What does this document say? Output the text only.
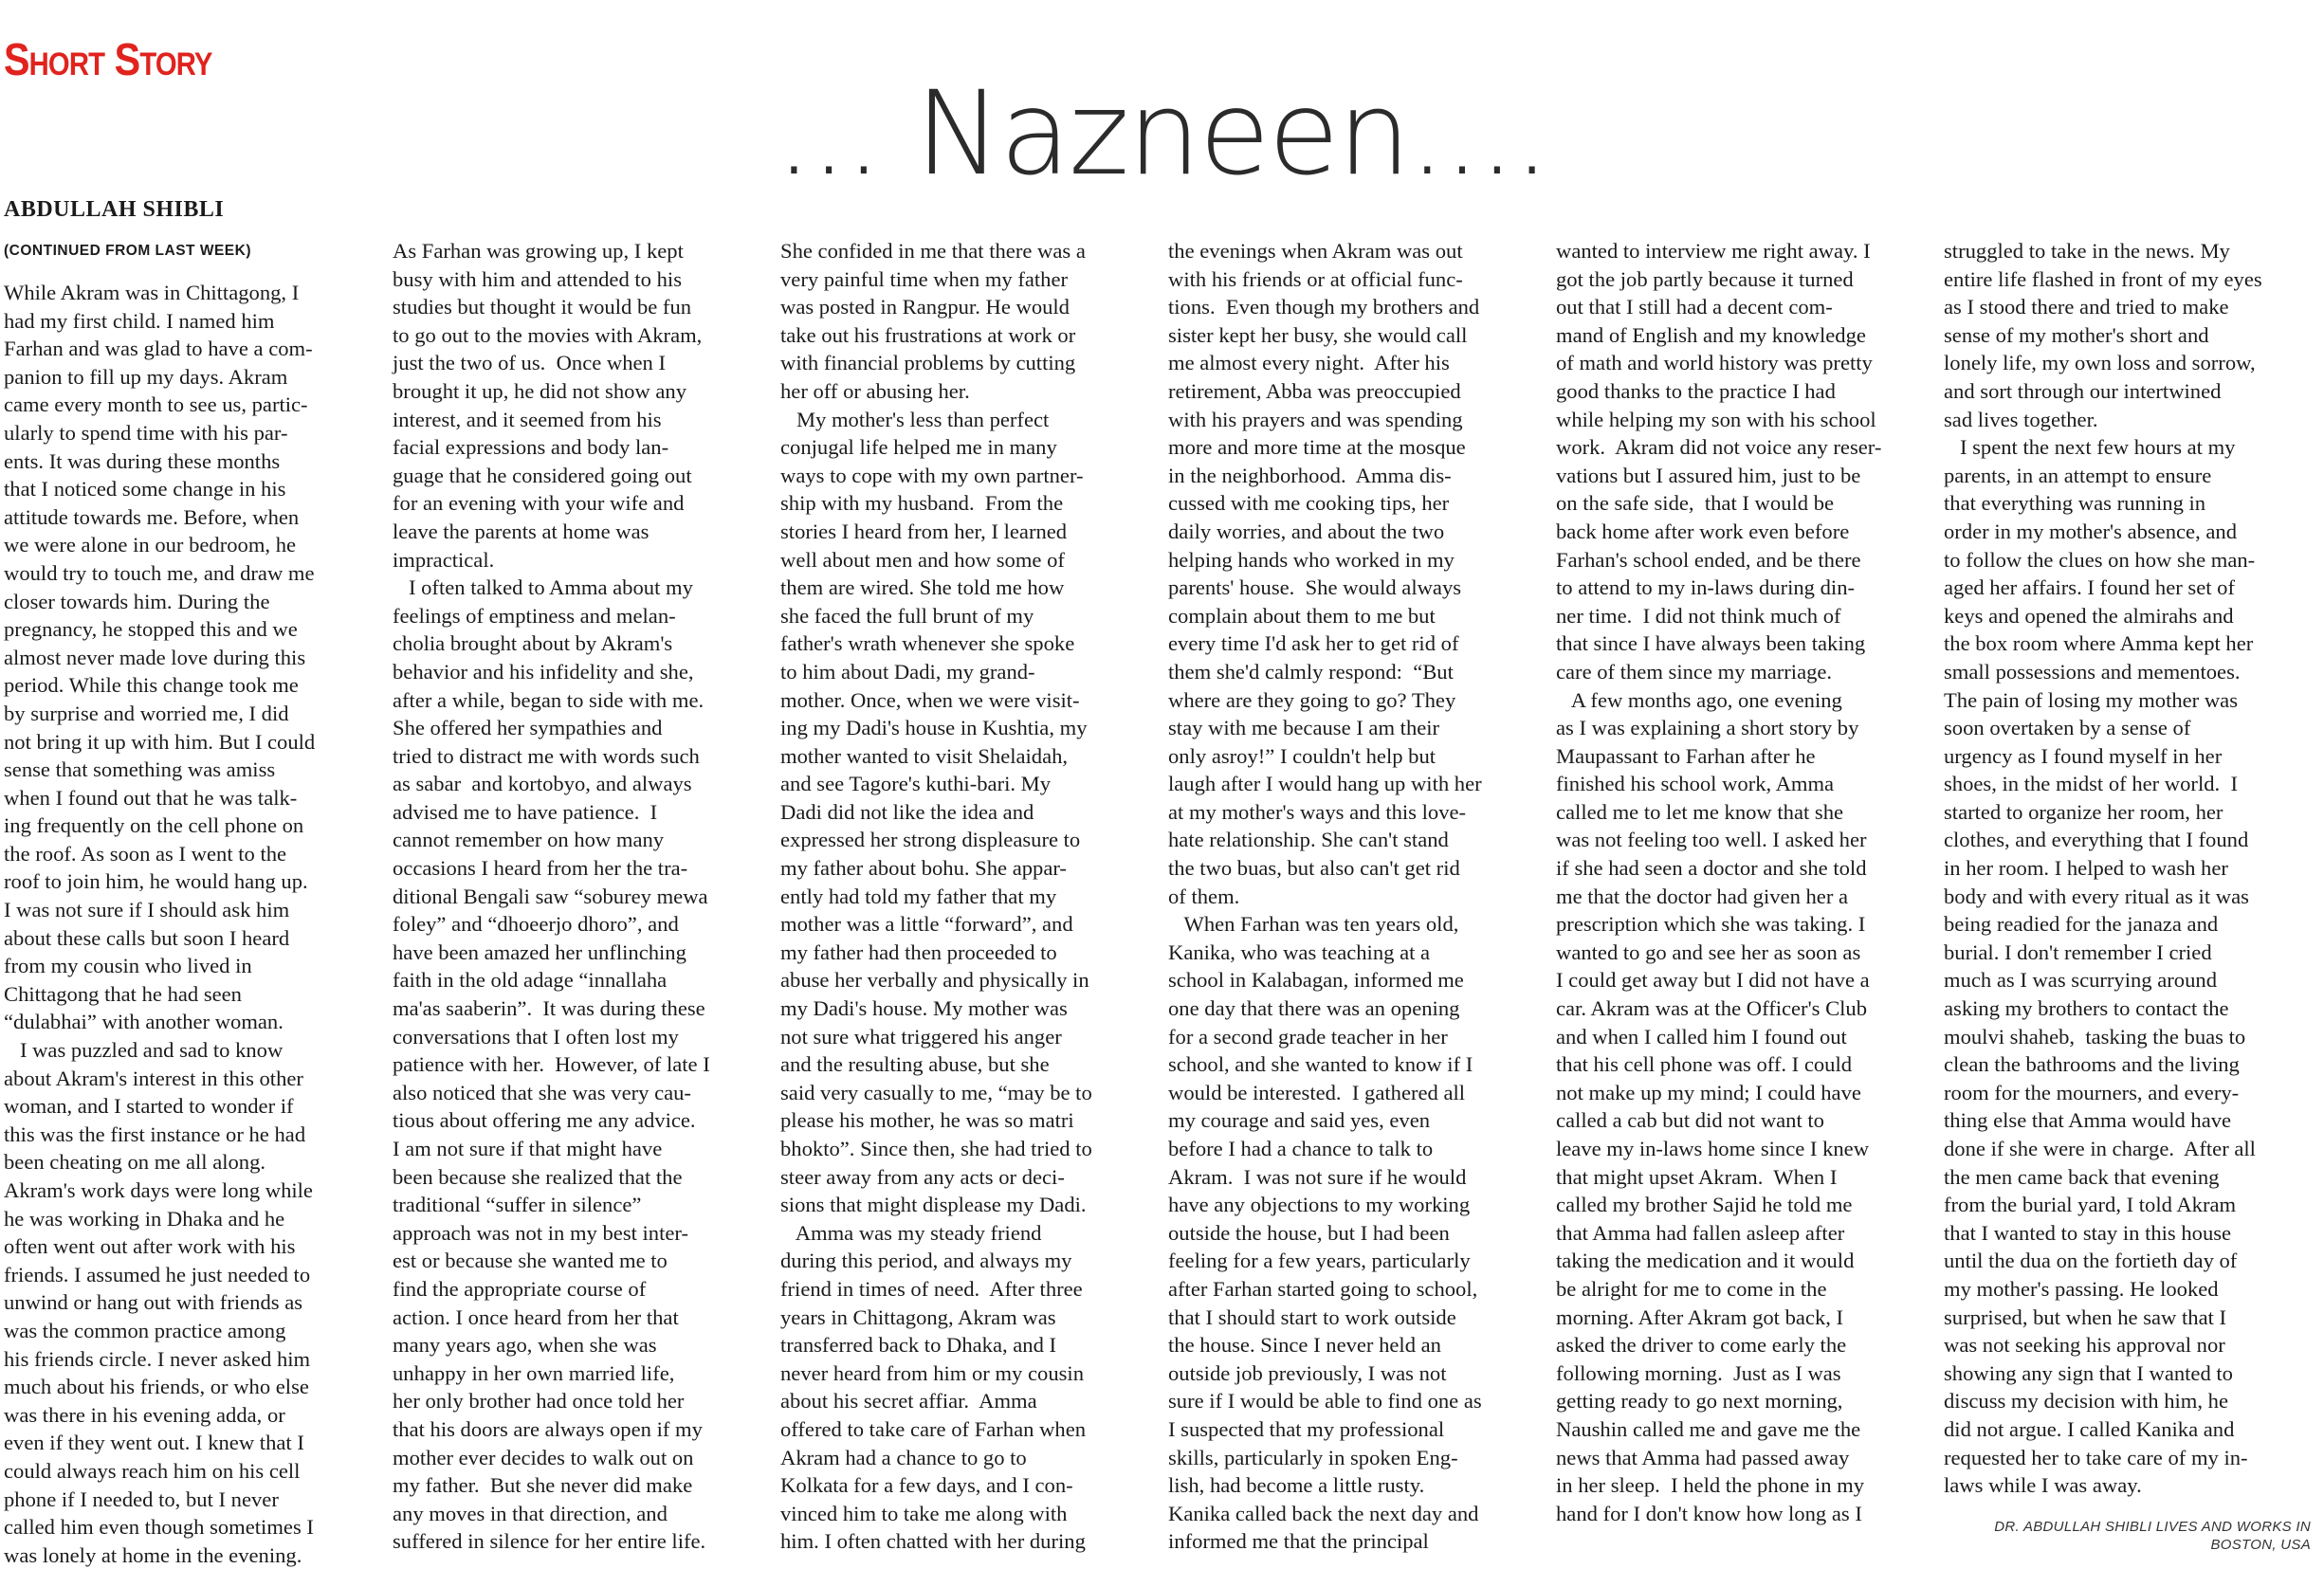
Short Story
... Nazneen....
ABDULLAH SHIBLI
(CONTINUED FROM LAST WEEK)
While Akram was in Chittagong, I
had my first child. I named him
Farhan and was glad to have a com-
panion to fill up my days. Akram
came every month to see us, partic-
ularly to spend time with his par-
ents. It was during these months
that I noticed some change in his
attitude towards me. Before, when
we were alone in our bedroom, he
would try to touch me, and draw me
closer towards him. During the
pregnancy, he stopped this and we
almost never made love during this
period. While this change took me
by surprise and worried me, I did
not bring it up with him. But I could
sense that something was amiss
when I found out that he was talk-
ing frequently on the cell phone on
the roof. As soon as I went to the
roof to join him, he would hang up.
I was not sure if I should ask him
about these calls but soon I heard
from my cousin who lived in
Chittagong that he had seen
“dulabhai” with another woman.
I was puzzled and sad to know
about Akram's interest in this other
woman, and I started to wonder if
this was the first instance or he had
been cheating on me all along.
Akram's work days were long while
he was working in Dhaka and he
often went out after work with his
friends. I assumed he just needed to
unwind or hang out with friends as
was the common practice among
his friends circle. I never asked him
much about his friends, or who else
was there in his evening adda, or
even if they went out. I knew that I
could always reach him on his cell
phone if I needed to, but I never
called him even though sometimes I
was lonely at home in the evening.
As Farhan was growing up, I kept
busy with him and attended to his
studies but thought it would be fun
to go out to the movies with Akram,
just the two of us.  Once when I
brought it up, he did not show any
interest, and it seemed from his
facial expressions and body lan-
guage that he considered going out
for an evening with your wife and
leave the parents at home was
impractical.
I often talked to Amma about my
feelings of emptiness and melan-
cholia brought about by Akram's
behavior and his infidelity and she,
after a while, began to side with me.
She offered her sympathies and
tried to distract me with words such
as sabar  and kortobyo, and always
advised me to have patience.  I
cannot remember on how many
occasions I heard from her the tra-
ditional Bengali saw “soburey mewa
foley” and “dhoeerjo dhoro”, and
have been amazed her unflinching
faith in the old adage “innallaha
ma'as saaberin”.  It was during these
conversations that I often lost my
patience with her.  However, of late I
also noticed that she was very cau-
tious about offering me any advice.
I am not sure if that might have
been because she realized that the
traditional “suffer in silence”
approach was not in my best inter-
est or because she wanted me to
find the appropriate course of
action. I once heard from her that
many years ago, when she was
unhappy in her own married life,
her only brother had once told her
that his doors are always open if my
mother ever decides to walk out on
my father.  But she never did make
any moves in that direction, and
suffered in silence for her entire life.
She confided in me that there was a
very painful time when my father
was posted in Rangpur. He would
take out his frustrations at work or
with financial problems by cutting
her off or abusing her.
My mother's less than perfect
conjugal life helped me in many
ways to cope with my own partner-
ship with my husband.  From the
stories I heard from her, I learned
well about men and how some of
them are wired. She told me how
she faced the full brunt of my
father's wrath whenever she spoke
to him about Dadi, my grand-
mother. Once, when we were visit-
ing my Dadi's house in Kushtia, my
mother wanted to visit Shelaidah,
and see Tagore's kuthi-bari. My
Dadi did not like the idea and
expressed her strong displeasure to
my father about bohu. She appar-
ently had told my father that my
mother was a little “forward”, and
my father had then proceeded to
abuse her verbally and physically in
my Dadi's house. My mother was
not sure what triggered his anger
and the resulting abuse, but she
said very casually to me, “may be to
please his mother, he was so matri
bhokto”. Since then, she had tried to
steer away from any acts or deci-
sions that might displease my Dadi.
Amma was my steady friend
during this period, and always my
friend in times of need.  After three
years in Chittagong, Akram was
transferred back to Dhaka, and I
never heard from him or my cousin
about his secret affiar.  Amma
offered to take care of Farhan when
Akram had a chance to go to
Kolkata for a few days, and I con-
vinced him to take me along with
him. I often chatted with her during
the evenings when Akram was out
with his friends or at official func-
tions.  Even though my brothers and
sister kept her busy, she would call
me almost every night.  After his
retirement, Abba was preoccupied
with his prayers and was spending
more and more time at the mosque
in the neighborhood.  Amma dis-
cussed with me cooking tips, her
daily worries, and about the two
helping hands who worked in my
parents' house.  She would always
complain about them to me but
every time I'd ask her to get rid of
them she'd calmly respond:  “But
where are they going to go? They
stay with me because I am their
only asroy!” I couldn't help but
laugh after I would hang up with her
at my mother's ways and this love-
hate relationship. She can't stand
the two buas, but also can't get rid
of them.
When Farhan was ten years old,
Kanika, who was teaching at a
school in Kalabagan, informed me
one day that there was an opening
for a second grade teacher in her
school, and she wanted to know if I
would be interested.  I gathered all
my courage and said yes, even
before I had a chance to talk to
Akram.  I was not sure if he would
have any objections to my working
outside the house, but I had been
feeling for a few years, particularly
after Farhan started going to school,
that I should start to work outside
the house. Since I never held an
outside job previously, I was not
sure if I would be able to find one as
I suspected that my professional
skills, particularly in spoken Eng-
lish, had become a little rusty.
Kanika called back the next day and
informed me that the principal
wanted to interview me right away. I
got the job partly because it turned
out that I still had a decent com-
mand of English and my knowledge
of math and world history was pretty
good thanks to the practice I had
while helping my son with his school
work.  Akram did not voice any reser-
vations but I assured him, just to be
on the safe side,  that I would be
back home after work even before
Farhan's school ended, and be there
to attend to my in-laws during din-
ner time.  I did not think much of
that since I have always been taking
care of them since my marriage.
A few months ago, one evening
as I was explaining a short story by
Maupassant to Farhan after he
finished his school work, Amma
called me to let me know that she
was not feeling too well. I asked her
if she had seen a doctor and she told
me that the doctor had given her a
prescription which she was taking. I
wanted to go and see her as soon as
I could get away but I did not have a
car. Akram was at the Officer's Club
and when I called him I found out
that his cell phone was off. I could
not make up my mind; I could have
called a cab but did not want to
leave my in-laws home since I knew
that might upset Akram.  When I
called my brother Sajid he told me
that Amma had fallen asleep after
taking the medication and it would
be alright for me to come in the
morning. After Akram got back, I
asked the driver to come early the
following morning.  Just as I was
getting ready to go next morning,
Naushin called me and gave me the
news that Amma had passed away
in her sleep.  I held the phone in my
hand for I don't know how long as I
struggled to take in the news. My
entire life flashed in front of my eyes
as I stood there and tried to make
sense of my mother's short and
lonely life, my own loss and sorrow,
and sort through our intertwined
sad lives together.
I spent the next few hours at my
parents, in an attempt to ensure
that everything was running in
order in my mother's absence, and
to follow the clues on how she man-
aged her affairs. I found her set of
keys and opened the almirahs and
the box room where Amma kept her
small possessions and mementoes.
The pain of losing my mother was
soon overtaken by a sense of
urgency as I found myself in her
shoes, in the midst of her world.  I
started to organize her room, her
clothes, and everything that I found
in her room. I helped to wash her
body and with every ritual as it was
being readied for the janaza and
burial. I don't remember I cried
much as I was scurrying around
asking my brothers to contact the
moulvi shaheb,  tasking the buas to
clean the bathrooms and the living
room for the mourners, and every-
thing else that Amma would have
done if she were in charge.  After all
the men came back that evening
from the burial yard, I told Akram
that I wanted to stay in this house
until the dua on the fortieth day of
my mother's passing. He looked
surprised, but when he saw that I
was not seeking his approval nor
showing any sign that I wanted to
discuss my decision with him, he
did not argue. I called Kanika and
requested her to take care of my in-
laws while I was away.
DR. ABDULLAH SHIBLI LIVES AND WORKS IN
BOSTON, USA
